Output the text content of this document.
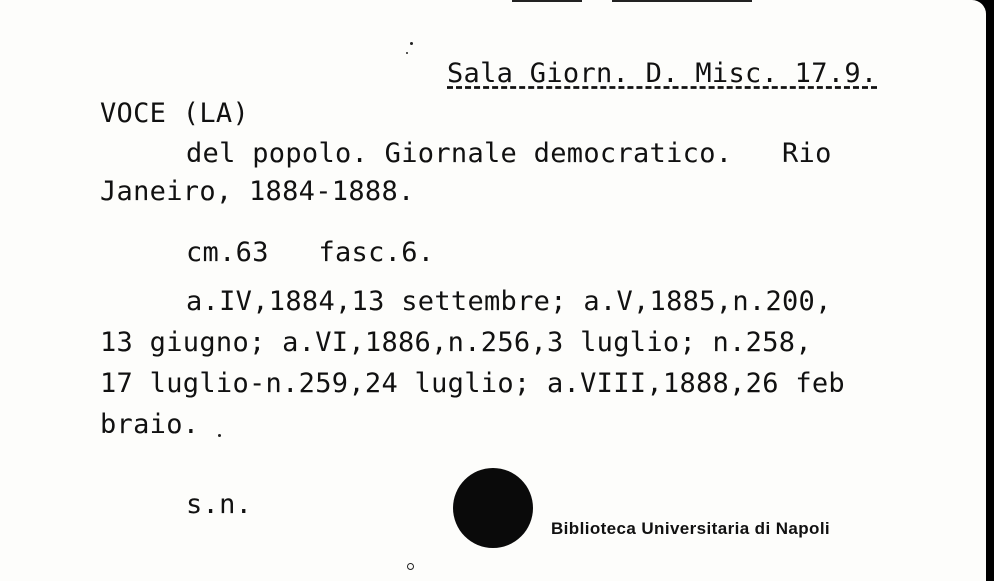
Sala Giorn. D. Misc. 17.9.
VOCE (LA)
del popolo. Giornale democratico.   Rio
Janeiro, 1884-1888.
cm.63   fasc.6.
a.IV,1884,13 settembre; a.V,1885,n.200,
13 giugno; a.VI,1886,n.256,3 luglio; n.258,
17 luglio-n.259,24 luglio; a.VIII,1888,26 feb
braio.
s.n.
Biblioteca Universitaria di Napoli
